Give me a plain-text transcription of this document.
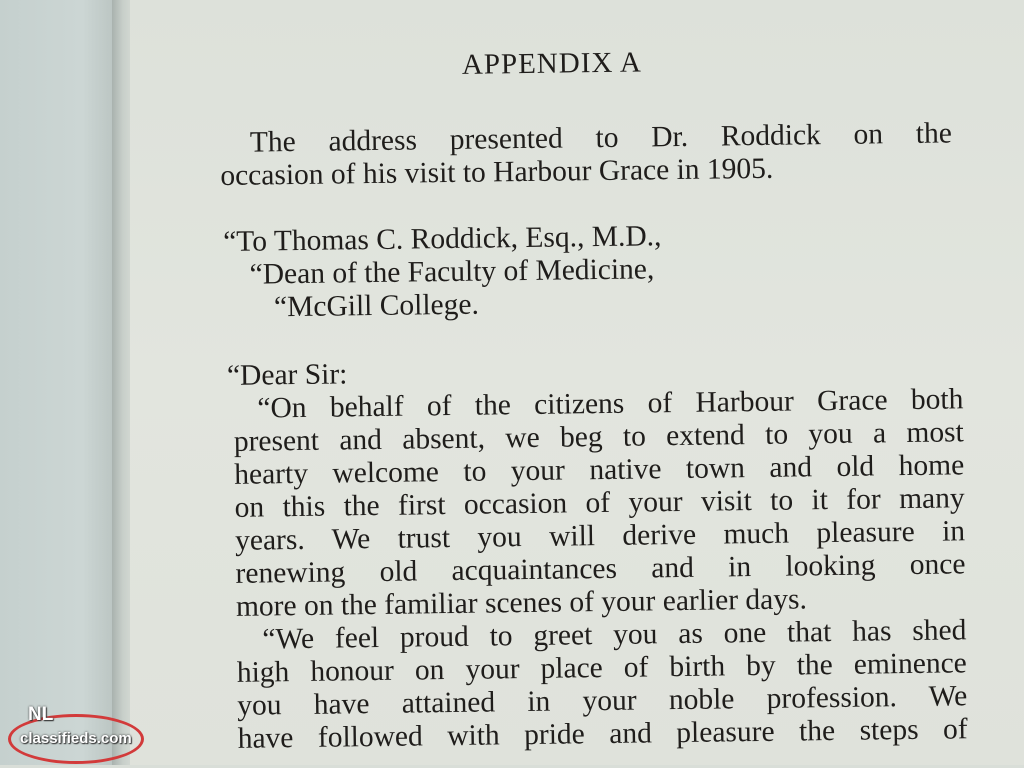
APPENDIX A
The address presented to Dr. Roddick on the
occasion of his visit to Harbour Grace in 1905.
“To Thomas C. Roddick, Esq., M.D.,
“Dean of the Faculty of Medicine,
“McGill College.
“Dear Sir:
“On behalf of the citizens of Harbour Grace both
present and absent, we beg to extend to you a most
hearty welcome to your native town and old home
on this the first occasion of your visit to it for many
years. We trust you will derive much pleasure in
renewing old acquaintances and in looking once
more on the familiar scenes of your earlier days.
“We feel proud to greet you as one that has shed
high honour on your place of birth by the eminence
you have attained in your noble profession. We
have followed with pride and pleasure the steps of
NL
classifieds.com
